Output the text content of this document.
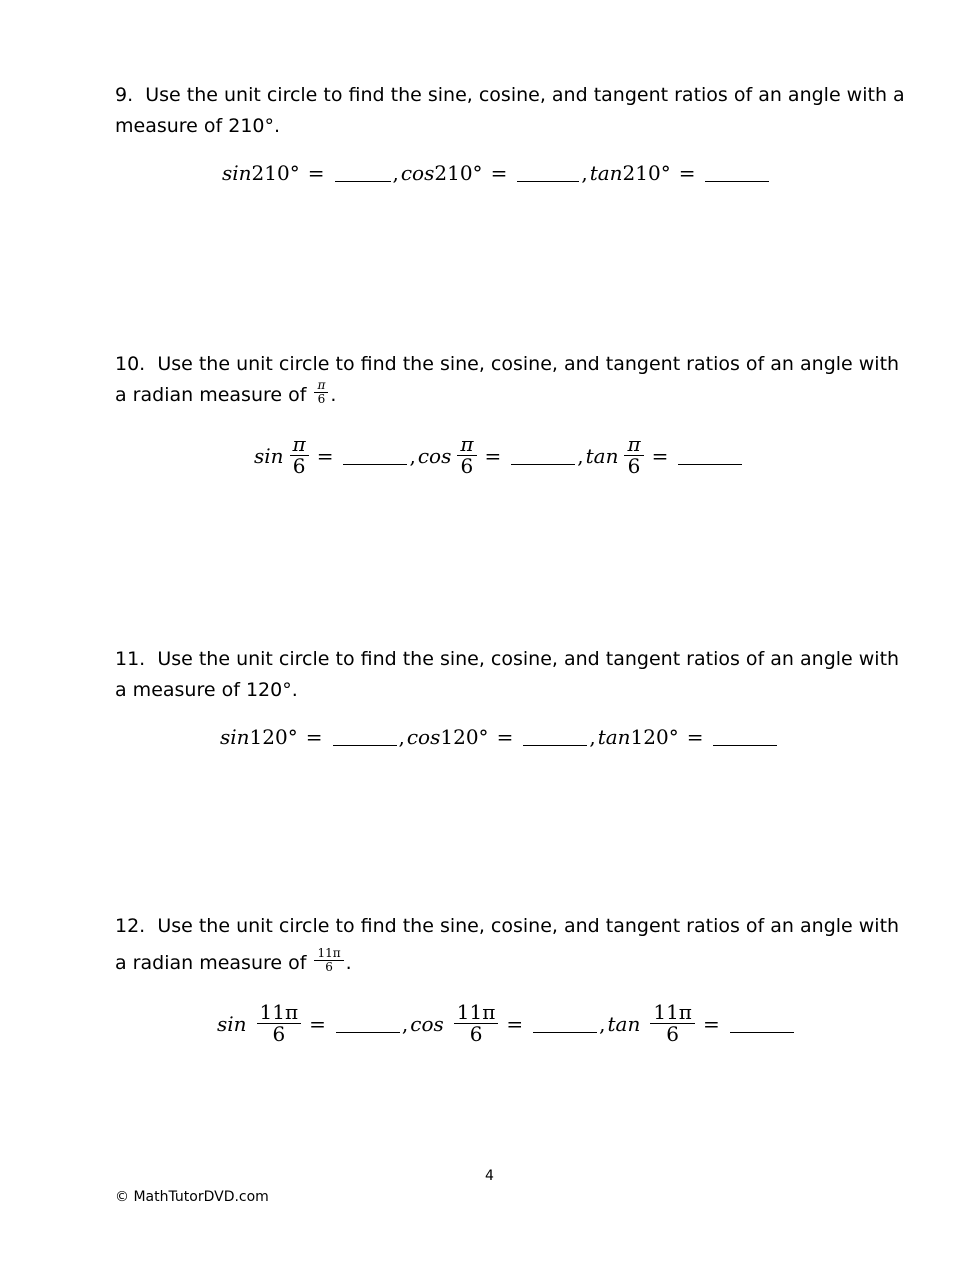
9. Use the unit circle to find the sine, cosine, and tangent ratios of an angle with a
measure of 210°.
sin 210° =	, cos 210° =	, tan 210° =
10. Use the unit circle to find the sine, cosine, and tangent ratios of an angle with
a radian measure of $\frac{\pi}{6}$ .
$\sin \frac{\pi}{6}$ =	, $\cos \frac{\pi}{6}$ =	, $\tan \frac{\pi}{6}$ =
11. Use the unit circle to find the sine, cosine, and tangent ratios of an angle with
a measure of 120°.
sin 120° =	, cos 120° =	, tan 120° =
12. Use the unit circle to find the sine, cosine, and tangent ratios of an angle with
a radian measure of $\frac{11\pi}{6}$ .
$\sin \frac{11\pi}{6}$ =	, $\cos \frac{11\pi}{6}$ =	, $\tan \frac{11\pi}{6}$ =
4
© MathTutorDVD.com
